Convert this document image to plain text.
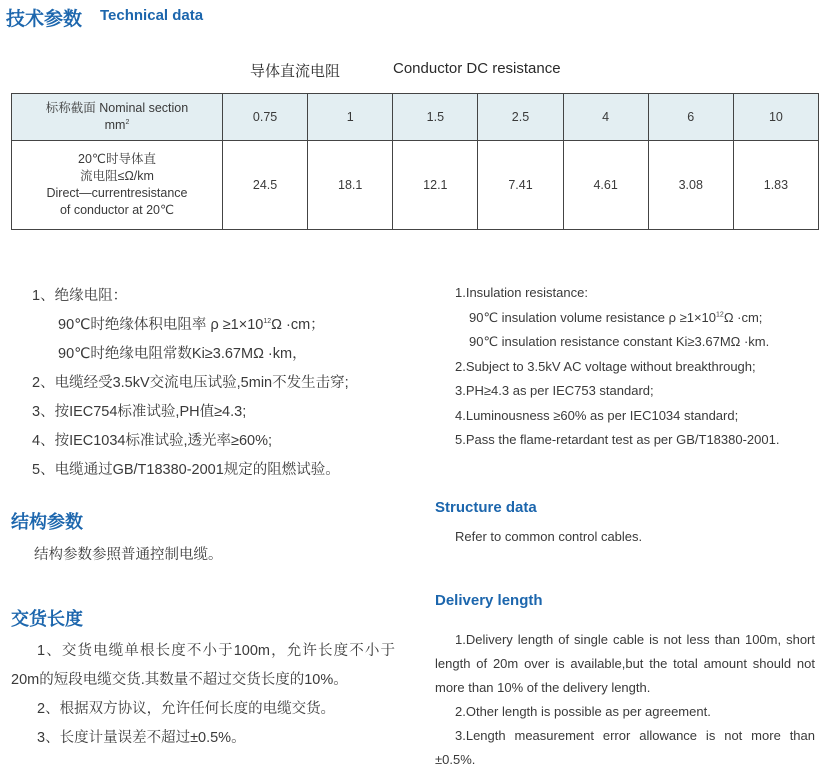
技术参数 Technical data
导体直流电阻	Conductor DC resistance
标称截面 Nominal section
$mm^2$	0.75	1	1.5	2.5	4	6	10
20℃时导体直
流电阻≤Ω/km
Direct—currentresistance
of conductor at 20℃	24.5	18.1	12.1	7.41	4.61	3.08	1.83
1、绝缘电阻：
90℃时绝缘体积电阻率 $\rho \ge 1\times 10^{12}\Omega \cdot cm$；
90℃时绝缘电阻常数Ki≥3.67MΩ ·km，
2、电缆经受3.5kV交流电压试验,5min不发生击穿;
3、按IEC754标准试验,PH值≥4.3;
4、按IEC1034标准试验,透光率≥60%;
5、电缆通过GB/T18380-2001规定的阻燃试验。
1.Insulation resistance:
90℃ insulation volume resistance $\rho \ge 1\times 10^{12}\Omega \cdot cm$;
90℃ insulation resistance constant Ki≥3.67MΩ ·km.
2.Subject to 3.5kV AC voltage without breakthrough;
3.PH≥4.3 as per IEC753 standard;
4.Luminousness ≥60% as per IEC1034 standard;
5.Pass the flame-retardant test as per GB/T18380-2001.
结构参数
结构参数参照普通控制电缆。
Structure data
Refer to common control cables.
交货长度

1、交货电缆单根长度不小于100m，允许长度不小于20m的短段电缆交货.其数量不超过交货长度的10%。

2、根据双方协议，允许任何长度的电缆交货。

3、长度计量误差不超过±0.5%。

Delivery length

1.Delivery length of single cable is not less than 100m, short length of 20m over is available,but the total amount should not more than 10% of the delivery length.

2.Other length is possible as per agreement.

3.Length measurement error allowance is not more than ±0.5%.
